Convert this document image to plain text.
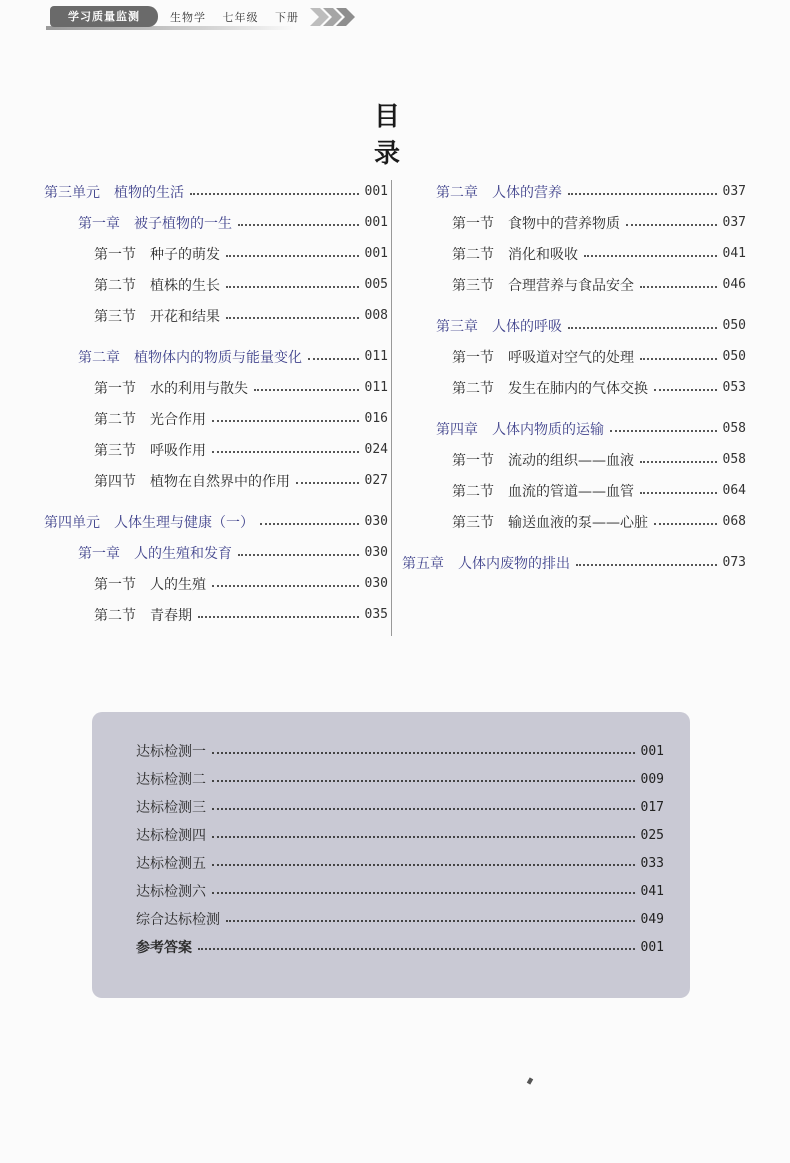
学习质量监测	生物学 七年级 下册
目　录
第三单元 植物的生活	001
第一章 被子植物的一生	001
第一节 种子的萌发	001
第二节 植株的生长	005
第三节 开花和结果	008
第二章 植物体内的物质与能量变化	011
第一节 水的利用与散失	011
第二节 光合作用	016
第三节 呼吸作用	024
第四节 植物在自然界中的作用	027
第四单元 人体生理与健康（一）	030
第一章 人的生殖和发育	030
第一节 人的生殖	030
第二节 青春期	035
第二章 人体的营养	037
第一节 食物中的营养物质	037
第二节 消化和吸收	041
第三节 合理营养与食品安全	046
第三章 人体的呼吸	050
第一节 呼吸道对空气的处理	050
第二节 发生在肺内的气体交换	053
第四章 人体内物质的运输	058
第一节 流动的组织——血液	058
第二节 血流的管道——血管	064
第三节 输送血液的泵——心脏	068
第五章 人体内废物的排出	073
达标检测一	001
达标检测二	009
达标检测三	017
达标检测四	025
达标检测五	033
达标检测六	041
综合达标检测	049
参考答案	001
